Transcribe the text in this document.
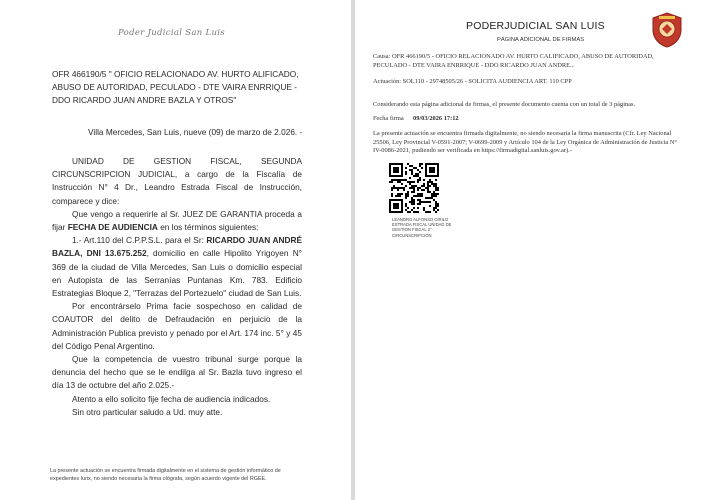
Poder Judicial San Luis
OFR 466190/5 " OFICIO RELACIONADO AV. HURTO ALIFICADO, ABUSO DE AUTORIDAD, PECULADO - DTE VAIRA ENRRIQUE - DDO RICARDO JUAN ANDRE BAZLA Y OTROS"
Villa Mercedes, San Luis, nueve (09) de marzo de 2.026. -

UNIDAD DE GESTION FISCAL, SEGUNDA CIRCUNSCRIPCION JUDICIAL, a cargo de la Fiscalía de Instrucción N° 4 Dr., Leandro Estrada Fiscal de Instrucción, comparece y dice:

Que vengo a requerirle al Sr. JUEZ DE GARANTIA proceda a fijar FECHA DE AUDIENCIA en los términos siguientes:

1.- Art.110 del C.P.P.S.L. para el Sr: RICARDO JUAN ANDRÉ BAZLA, DNI 13.675.252, domicilio en calle Hipolito Yrigoyen N° 369 de la ciudad de Villa Mercedes, San Luis o domicilio especial en Autopista de las Serranías Puntanas Km. 783. Edificio Estrategias Bloque 2, "Terrazas del Portezuelo" ciudad de San Luis.

Por encontrárselo Prima facie sospechoso en calidad de COAUTOR del delito de Defraudación en perjuicio de la Administración Publica previsto y penado por el Art. 174 inc. 5° y 45 del Código Penal Argentino.

Que la competencia de vuestro tribunal surge porque la denuncia del hecho que se le endilga al Sr. Bazla tuvo ingreso el día 13 de octubre del año 2.025.-

Atento a ello solicito fije fecha de audiencia indicados.

Sin otro particular saludo a Ud. muy atte.

La presente actuación se encuentra firmada digitalmente en el sistema de gestión informático de expedientes Iurix, no siendo necesaria la firma ológrafa, según acuerdo vigente del RGEE.
PODERJUDICIAL SAN LUIS
PÁGINA ADICIONAL DE FIRMAS
Causa: OFR 466190/5 - OFICIO RELACIONADO AV. HURTO CALIFICADO, ABUSO DE AUTORIDAD, PECULADO - DTE VAIRA ENRRIQUE - DDO RICARDO JUAN ANDRE...
Actuación: SOL110 - 29748505/26 - SOLICITA AUDIENCIA ART. 110 CPP
Considerando esta página adicional de firmas, el presente documento cuenta con un total de 3 páginas.
Fecha firma 09/03/2026 17:12
La presente actuación se encuentra firmada digitalmente, no siendo necesaria la firma manuscrita (Cfr. Ley Nacional 25506, Ley Provincial V-0591-2007; V-0699-2009 y Artículo 104 de la Ley Orgánica de Administración de Justicia N° IV-0086-2021, pudiendo ser verificada en https://firmadigital.sanluis.gov.ar).-
LEANDRO ALFONSO CIRILO ESTRADA FISCAL UNIDAD DE GESTION FISCAL 2° CIRCUNSCRIPCION
